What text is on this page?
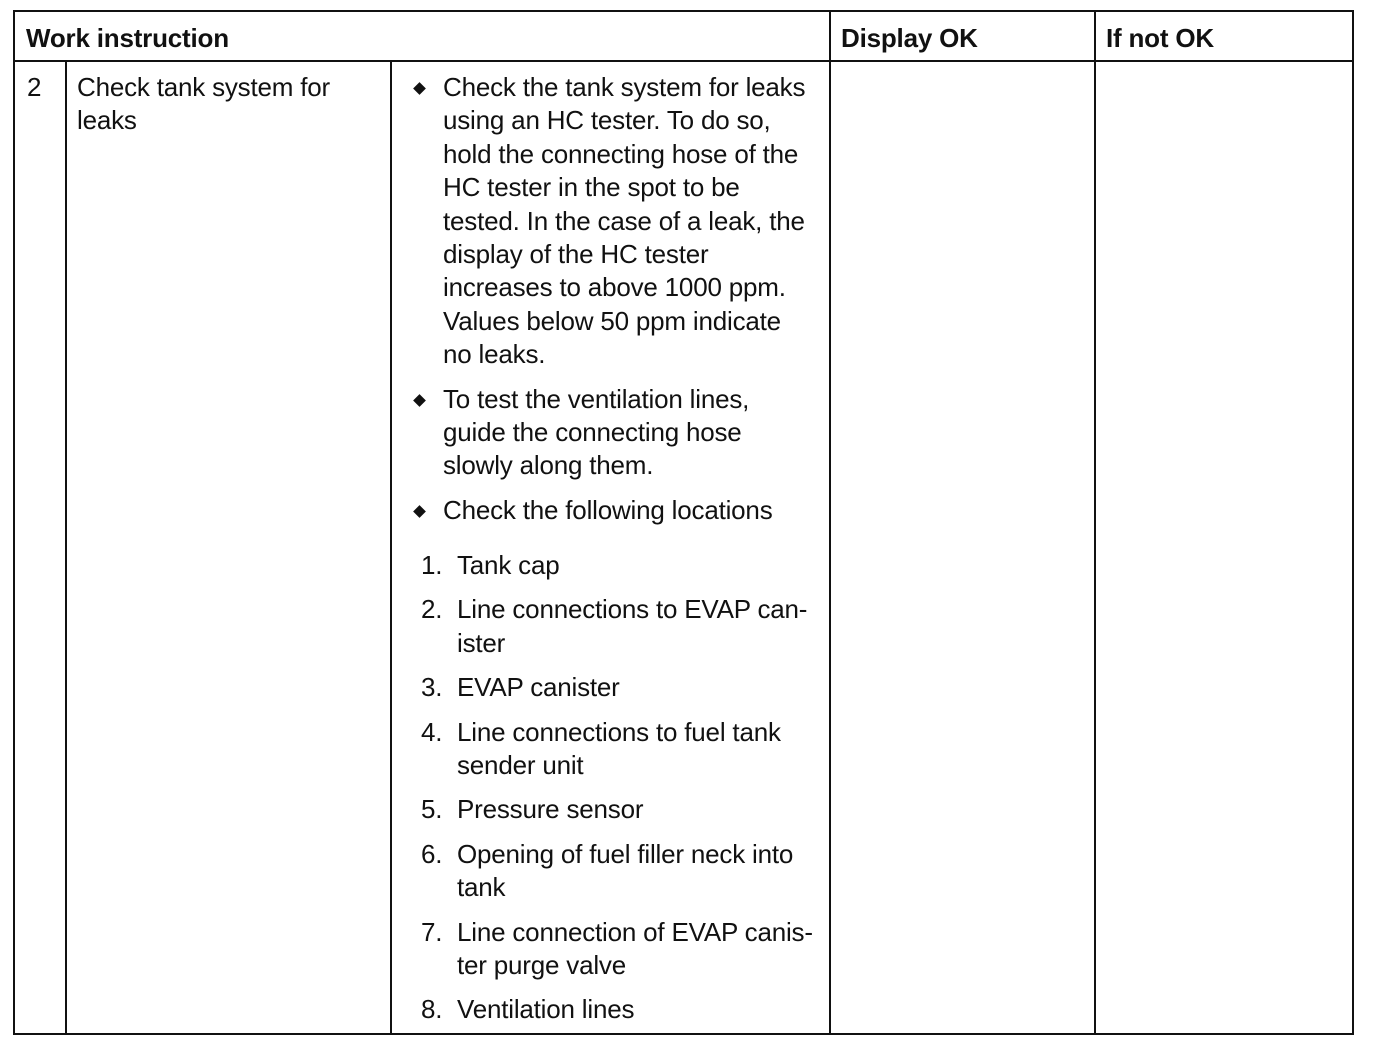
Work instruction	Display OK	If not OK
2 Check tank system for
leaks
Check the tank system for leaks
using an HC tester. To do so,
hold the connecting hose of the
HC tester in the spot to be
tested. In the case of a leak, the
display of the HC tester
increases to above 1000 ppm.
Values below 50 ppm indicate
no leaks.
To test the ventilation lines,
guide the connecting hose
slowly along them.
Check the following locations
1. Tank cap
2. Line connections to EVAP can-
ister
3. EVAP canister
4. Line connections to fuel tank
sender unit
5. Pressure sensor
6. Opening of fuel filler neck into
tank
7. Line connection of EVAP canis-
ter purge valve
8. Ventilation lines
